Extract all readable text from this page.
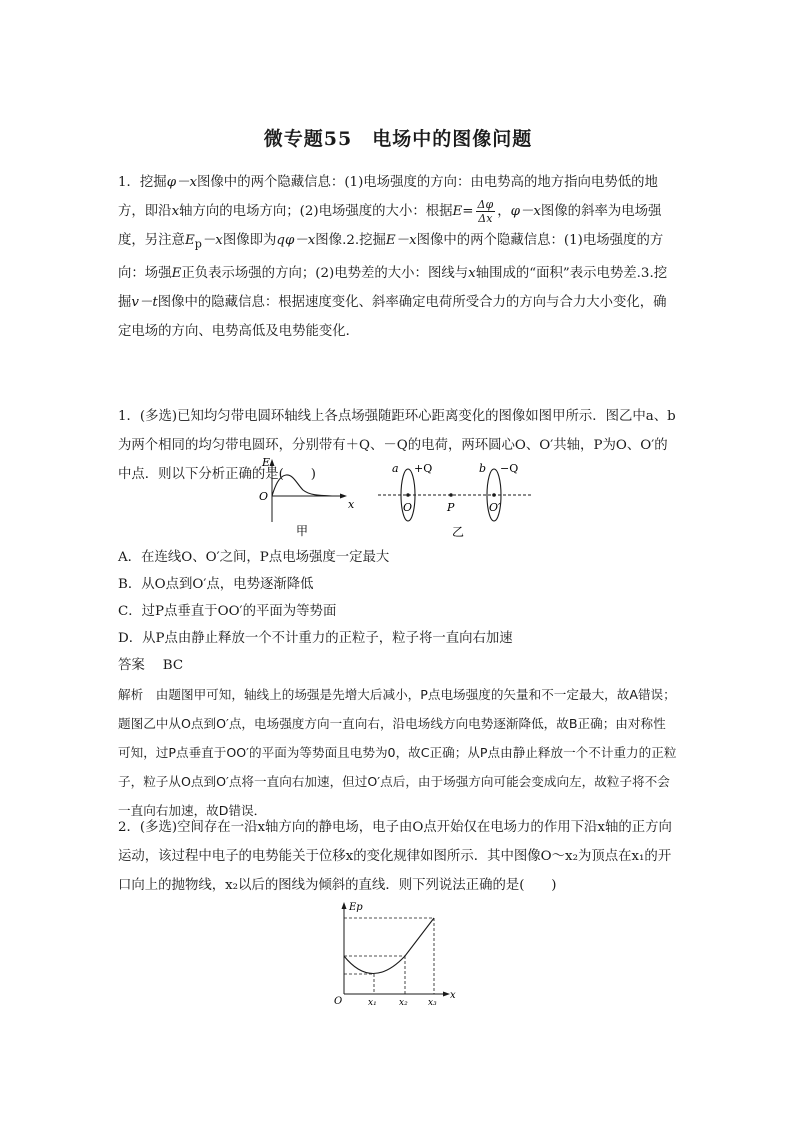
微专题55　电场中的图像问题
1．挖掘φ－x图像中的两个隐藏信息：(1)电场强度的方向：由电势高的地方指向电势低的地方，即沿x轴方向的电场方向；(2)电场强度的大小：根据$E= \frac{\Delta\varphi}{\Delta x}$ ，φ－x图像的斜率为电场强度，另注意$E_p-x$图像即为qφ－x图像.2.挖掘E－x图像中的两个隐藏信息：(1)电场强度的方向：场强E正负表示场强的方向；(2)电势差的大小：图线与x轴围成的“面积”表示电势差.3.挖掘v－t图像中的隐藏信息：根据速度变化、斜率确定电荷所受合力的方向与合力大小变化，确定电场的方向、电势高低及电势能变化．
1．(多选)已知均匀带电圆环轴线上各点场强随距环心距离变化的图像如图甲所示．图乙中a、b为两个相同的均匀带电圆环，分别带有＋Q、－Q的电荷，两环圆心O、O′共轴，P为O、O′的中点．则以下分析正确的是(　　)
E
O
x
甲
a +Q	b −Q
O	P	O′
乙
A．在连线O、O′之间，P点电场强度一定最大
B．从O点到O′点，电势逐渐降低
C．过P点垂直于OO′的平面为等势面
D．从P点由静止释放一个不计重力的正粒子，粒子将一直向右加速
答案 BC
解析　由题图甲可知，轴线上的场强是先增大后减小，P点电场强度的矢量和不一定最大，故A错误；题图乙中从O点到O′点，电场强度方向一直向右，沿电场线方向电势逐渐降低，故B正确；由对称性可知，过P点垂直于OO′的平面为等势面且电势为0，故C正确；从P点由静止释放一个不计重力的正粒子，粒子从O点到O′点将一直向右加速，但过O′点后，由于场强方向可能会变成向左，故粒子将不会一直向右加速，故D错误．
2．(多选)空间存在一沿x轴方向的静电场，电子由O点开始仅在电场力的作用下沿x轴的正方向运动，该过程中电子的电势能关于位移x的变化规律如图所示．其中图像O～x₂为顶点在x₁的开口向上的抛物线，x₂以后的图线为倾斜的直线．则下列说法正确的是(　　)
Ep
O	x₁ x₂ x₃
x
